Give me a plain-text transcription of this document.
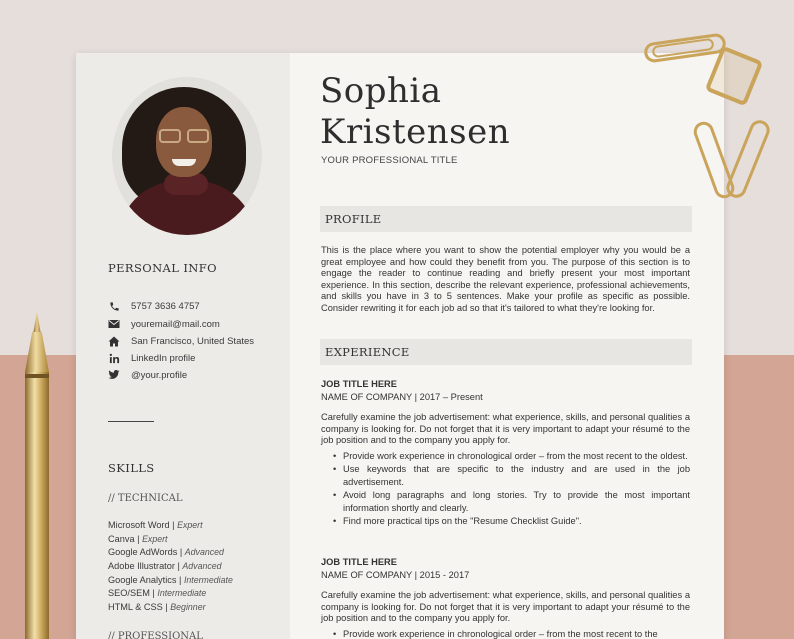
PERSONAL INFO
5757 3636 4757
youremail@mail.com
San Francisco, United States
LinkedIn profile
@your.profile
SKILLS
// TECHNICAL
Microsoft Word | Expert
Canva | Expert
Google AdWords | Advanced
Adobe Illustrator | Advanced
Google Analytics | Intermediate
SEO/SEM | Intermediate
HTML & CSS | Beginner
// PROFESSIONAL
Sophia
Kristensen
YOUR PROFESSIONAL TITLE
PROFILE
This is the place where you want to show the potential employer why you would be a great employee and how could they benefit from you. The purpose of this section is to engage the reader to continue reading and briefly present your most important experience. In this section, describe the relevant experience, professional achievements, and skills you have in 3 to 5 sentences. Make your profile as specific as possible. Consider rewriting it for each job ad so that it's tailored to what they're looking for.
EXPERIENCE
JOB TITLE HERE
NAME OF COMPANY | 2017 – Present
Carefully examine the job advertisement: what experience, skills, and personal qualities a company is looking for. Do not forget that it is very important to adapt your résumé to the job position and to the company you apply for.
• Provide work experience in chronological order – from the most recent to the oldest.
• Use keywords that are specific to the industry and are used in the job advertisement.
• Avoid long paragraphs and long stories. Try to provide the most important information shortly and clearly.
• Find more practical tips on the "Resume Checklist Guide".
JOB TITLE HERE
NAME OF COMPANY | 2015 - 2017
Carefully examine the job advertisement: what experience, skills, and personal qualities a company is looking for. Do not forget that it is very important to adapt your résumé to the job position and to the company you apply for.
• Provide work experience in chronological order – from the most recent to the
